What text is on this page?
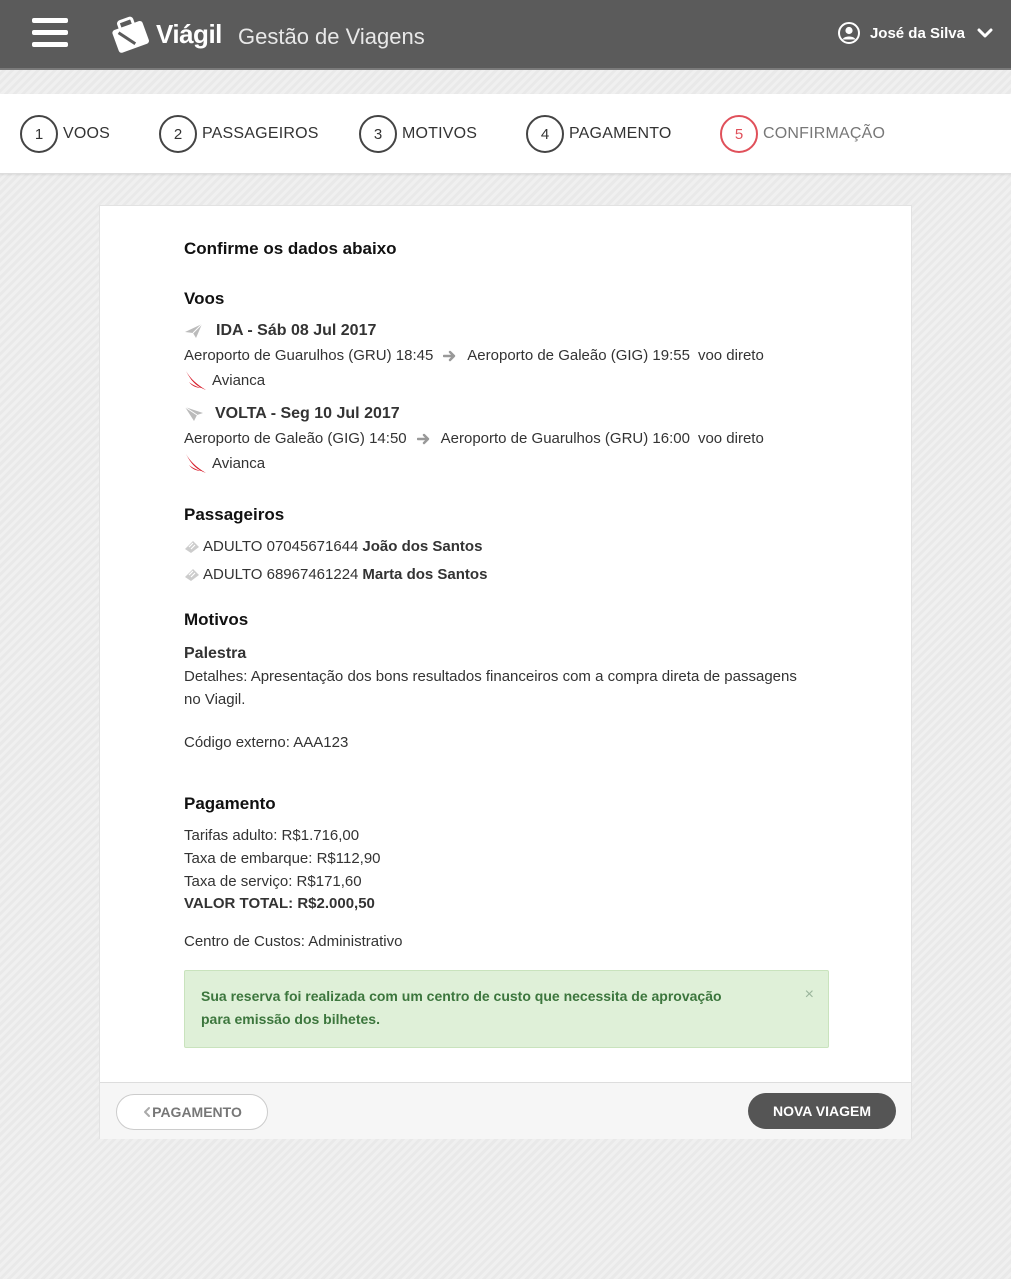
Viágil Gestão de Viagens	José da Silva
1	VOOS	2	PASSAGEIROS	3	MOTIVOS	4	PAGAMENTO	5	CONFIRMAÇÃO
Confirme os dados abaixo
Voos
IDA - Sáb 08 Jul 2017
Aeroporto de Guarulhos (GRU) 18:45 Aeroporto de Galeão (GIG) 19:55 voo direto
Avianca
VOLTA - Seg 10 Jul 2017
Aeroporto de Galeão (GIG) 14:50 Aeroporto de Guarulhos (GRU) 16:00 voo direto
Avianca
Passageiros
ADULTO 07045671644 João dos Santos
ADULTO 68967461224 Marta dos Santos
Motivos
Palestra
Detalhes: Apresentação dos bons resultados financeiros com a compra direta de passagens
no Viagil.
Código externo: AAA123
Pagamento
Tarifas adulto: R$1.716,00
Taxa de embarque: R$112,90
Taxa de serviço: R$171,60
VALOR TOTAL: R$2.000,50
Centro de Custos: Administrativo
Sua reserva foi realizada com um centro de custo que necessita de aprovação
para emissão dos bilhetes.
×
PAGAMENTO	NOVA VIAGEM
